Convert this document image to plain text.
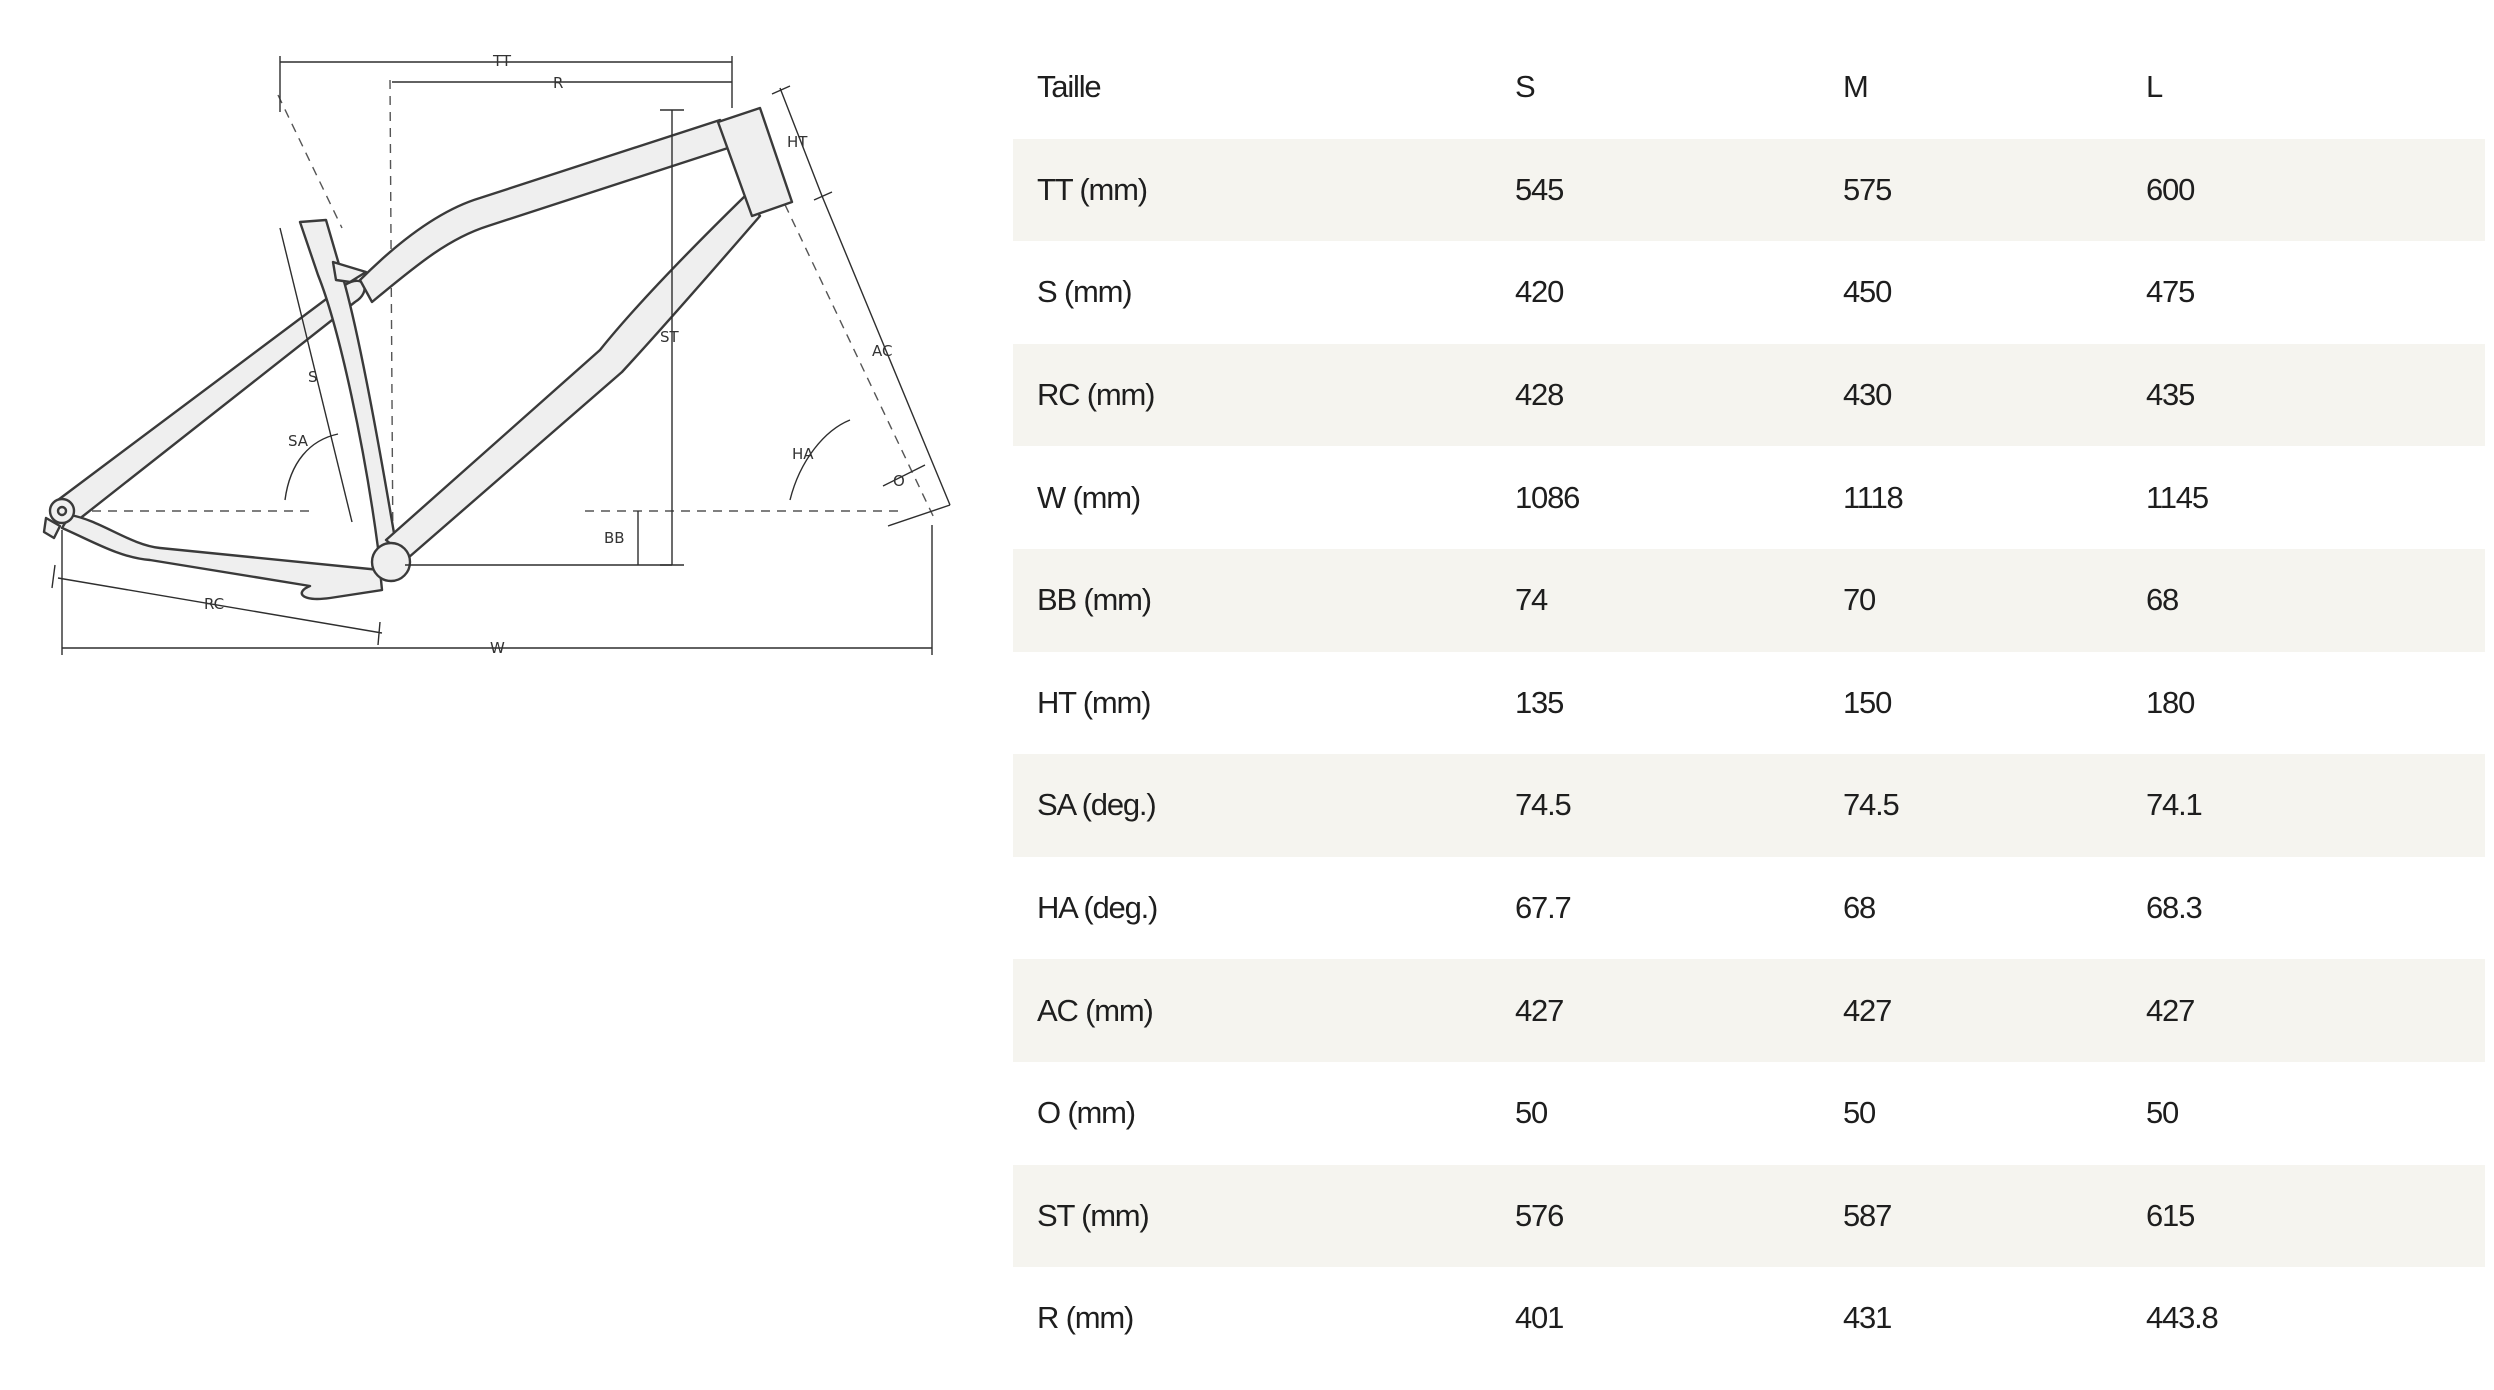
TT
R
HT
S
ST
SA
AC
HA
O
BB
RC
W
Taille	S	M	L
TT (mm)	545	575	600
S (mm)	420	450	475
RC (mm)	428	430	435
W (mm)	1086	1118	1145
BB (mm)	74	70	68
HT (mm)	135	150	180
SA (deg.)	74.5	74.5	74.1
HA (deg.)	67.7	68	68.3
AC (mm)	427	427	427
O (mm)	50	50	50
ST (mm)	576	587	615
R (mm)	401	431	443.8
